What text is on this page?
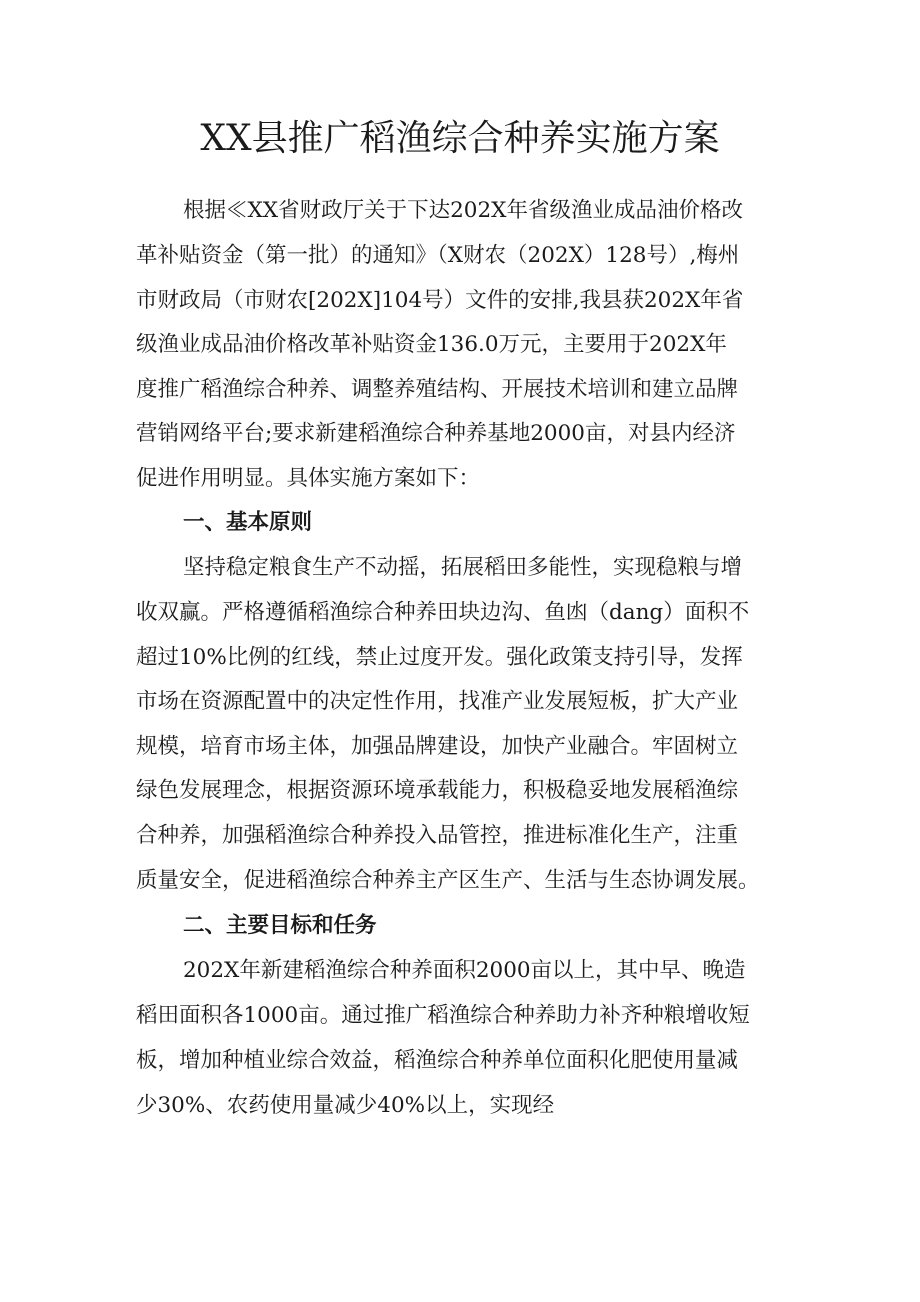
XX县推广稻渔综合种养实施方案

根据≪XX省财政厅关于下达202X年省级渔业成品油价格改

革补贴资金（第一批）的通知》（X财农（202X）128号）,梅州

市财政局（市财农[202X]104号）文件的安排,我县获202X年省

级渔业成品油价格改革补贴资金136.0万元，主要用于202X年

度推广稻渔综合种养、调整养殖结构、开展技术培训和建立品牌

营销网络平台;要求新建稻渔综合种养基地2000亩，对县内经济

促进作用明显。具体实施方案如下：

一、基本原则

坚持稳定粮食生产不动摇，拓展稻田多能性，实现稳粮与增

收双赢。严格遵循稻渔综合种养田块边沟、鱼凼（dang）面积不

超过10%比例的红线，禁止过度开发。强化政策支持引导，发挥

市场在资源配置中的决定性作用，找准产业发展短板，扩大产业

规模，培育市场主体，加强品牌建设，加快产业融合。牢固树立

绿色发展理念，根据资源环境承载能力，积极稳妥地发展稻渔综

合种养，加强稻渔综合种养投入品管控，推进标准化生产，注重

质量安全，促进稻渔综合种养主产区生产、生活与生态协调发展。

二、主要目标和任务

202X年新建稻渔综合种养面积2000亩以上，其中早、晚造

稻田面积各1000亩。通过推广稻渔综合种养助力补齐种粮增收短

板，增加种植业综合效益，稻渔综合种养单位面积化肥使用量减

少30%、农药使用量减少40%以上，实现经
